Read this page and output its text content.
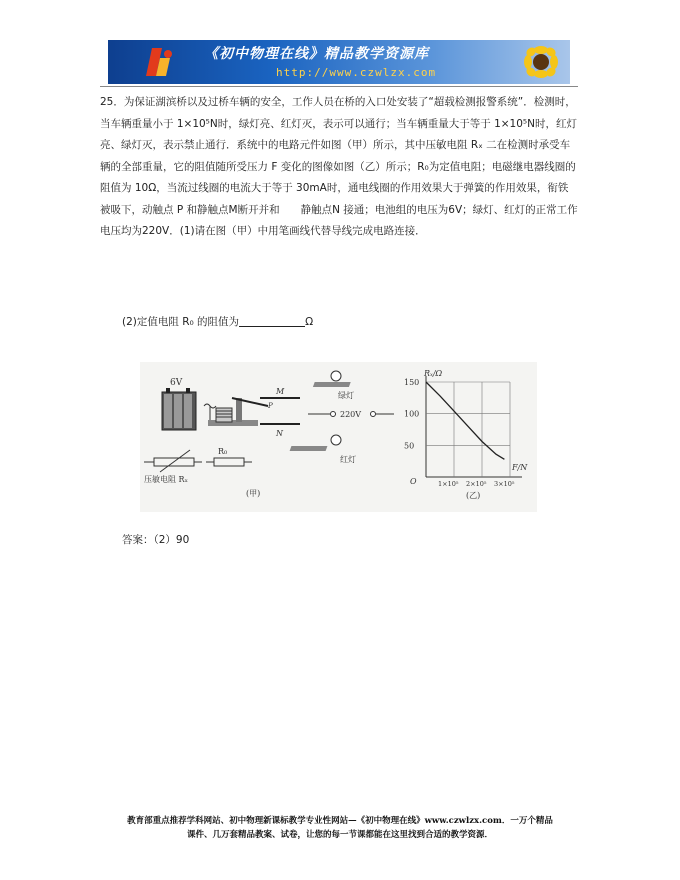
《初中物理在线》精品教学资源库
http://www.czwlzx.com
25．为保证湖滨桥以及过桥车辆的安全，工作人员在桥的入口处安装了“超载检测报警系统”．检测时，当车辆重量小于 1×10⁵N时，绿灯亮、红灯灭，表示可以通行；当车辆重量大于等于 1×10⁵N时，红灯亮、绿灯灭，表示禁止通行．系统中的电路元件如图（甲）所示，其中压敏电阻 Rₓ 二在检测时承受车辆的全部重量，它的阻值随所受压力 F 变化的图像如图（乙）所示；R₀为定值电阻；电磁继电器线圈的阻值为 10Ω，当流过线圈的电流大于等于 30mA时，通电线圈的作用效果大于弹簧的作用效果，衔铁被吸下，动触点 P 和静触点M断开并和　　静触点N 接通；电池组的电压为6V；绿灯、红灯的正常工作电压均为220V．(1)请在图（甲）中用笔画线代替导线完成电路连接．
(2)定值电阻 R₀ 的阻值为	Ω
6V
M
N
P
压敏电阻 Rₓ
R₀
(甲)
绿灯
220V
红灯
Rₓ/Ω
F/N
O
(乙)
50
100
150
1×10⁵ 2×10⁵ 3×10⁵
答案：（2）90
教育部重点推荐学科网站、初中物理新课标教学专业性网站—《初中物理在线》www.czwlzx.com．一万个精品
课件、几万套精品教案、试卷，让您的每一节课都能在这里找到合适的教学资源．
